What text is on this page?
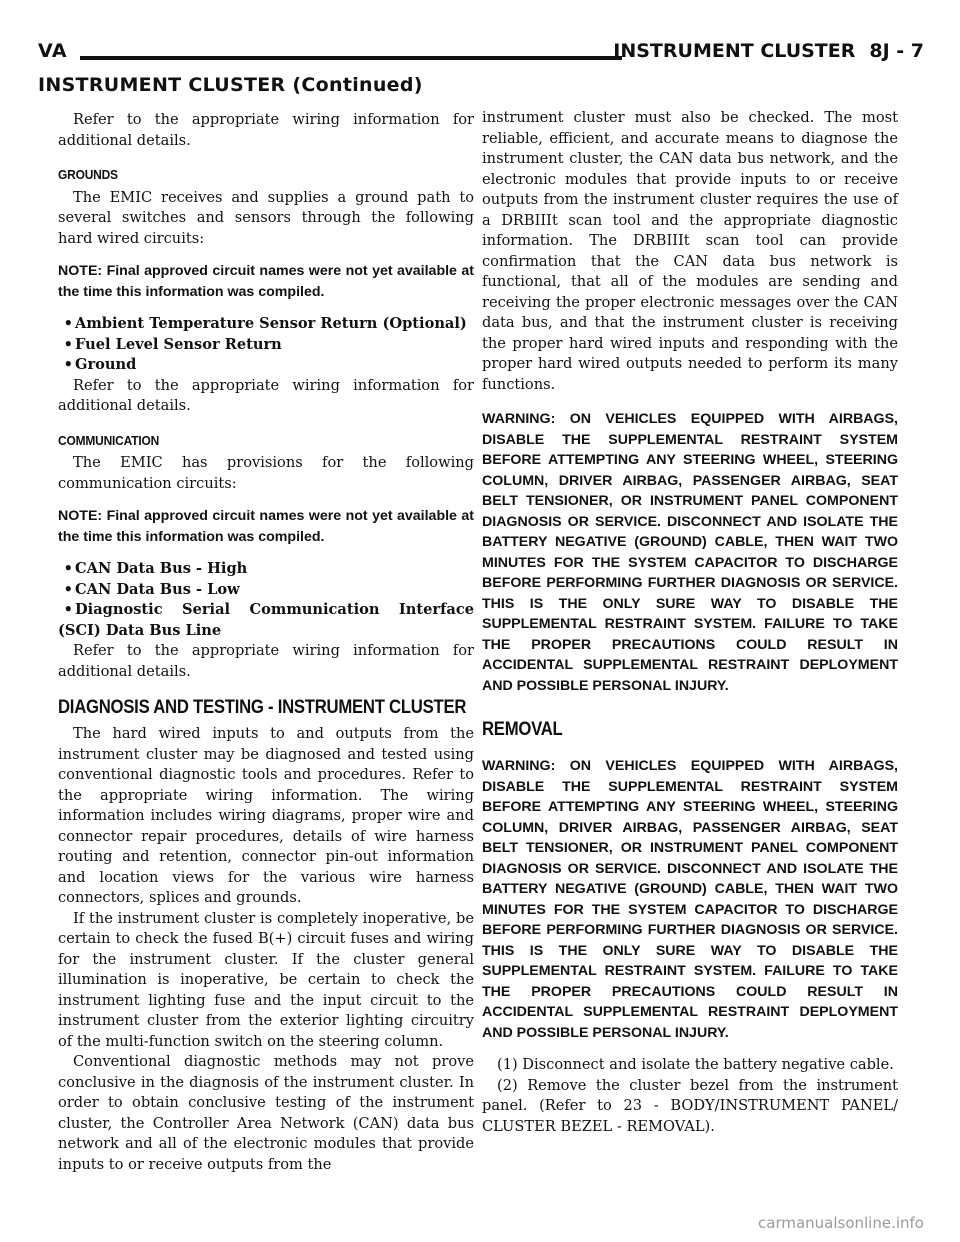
VA	INSTRUMENT CLUSTER 8J - 7
INSTRUMENT CLUSTER (Continued)

Refer to the appropriate wiring information for additional details.

GROUNDS

The EMIC receives and supplies a ground path to several switches and sensors through the following hard wired circuits:

NOTE: Final approved circuit names were not yet available at the time this information was compiled.
• Ambient Temperature Sensor Return (Optional)
• Fuel Level Sensor Return
• Ground

Refer to the appropriate wiring information for additional details.

COMMUNICATION

The EMIC has provisions for the following communication circuits:

NOTE: Final approved circuit names were not yet available at the time this information was compiled.
• CAN Data Bus - High
• CAN Data Bus - Low
• Diagnostic Serial Communication Interface (SCI) Data Bus Line

Refer to the appropriate wiring information for additional details.

DIAGNOSIS AND TESTING - INSTRUMENT CLUSTER

The hard wired inputs to and outputs from the instrument cluster may be diagnosed and tested using conventional diagnostic tools and procedures. Refer to the appropriate wiring information. The wiring information includes wiring diagrams, proper wire and connector repair procedures, details of wire harness routing and retention, connector pin-out information and location views for the various wire harness connectors, splices and grounds.

If the instrument cluster is completely inoperative, be certain to check the fused B(+) circuit fuses and wiring for the instrument cluster. If the cluster general illumination is inoperative, be certain to check the instrument lighting fuse and the input circuit to the instrument cluster from the exterior lighting circuitry of the multi-function switch on the steering column.

Conventional diagnostic methods may not prove conclusive in the diagnosis of the instrument cluster. In order to obtain conclusive testing of the instrument cluster, the Controller Area Network (CAN) data bus network and all of the electronic modules that provide inputs to or receive outputs from the

instrument cluster must also be checked. The most reliable, efficient, and accurate means to diagnose the instrument cluster, the CAN data bus network, and the electronic modules that provide inputs to or receive outputs from the instrument cluster requires the use of a DRBIIIt scan tool and the appropriate diagnostic information. The DRBIIIt scan tool can provide confirmation that the CAN data bus network is functional, that all of the modules are sending and receiving the proper electronic messages over the CAN data bus, and that the instrument cluster is receiving the proper hard wired inputs and responding with the proper hard wired outputs needed to perform its many functions.

WARNING: ON VEHICLES EQUIPPED WITH AIRBAGS, DISABLE THE SUPPLEMENTAL RESTRAINT SYSTEM BEFORE ATTEMPTING ANY STEERING WHEEL, STEERING COLUMN, DRIVER AIRBAG, PASSENGER AIRBAG, SEAT BELT TENSIONER, OR INSTRUMENT PANEL COMPONENT DIAGNOSIS OR SERVICE. DISCONNECT AND ISOLATE THE BATTERY NEGATIVE (GROUND) CABLE, THEN WAIT TWO MINUTES FOR THE SYSTEM CAPACITOR TO DISCHARGE BEFORE PERFORMING FURTHER DIAGNOSIS OR SERVICE. THIS IS THE ONLY SURE WAY TO DISABLE THE SUPPLEMENTAL RESTRAINT SYSTEM. FAILURE TO TAKE THE PROPER PRECAUTIONS COULD RESULT IN ACCIDENTAL SUPPLEMENTAL RESTRAINT DEPLOYMENT AND POSSIBLE PERSONAL INJURY.
REMOVAL
WARNING: ON VEHICLES EQUIPPED WITH AIRBAGS, DISABLE THE SUPPLEMENTAL RESTRAINT SYSTEM BEFORE ATTEMPTING ANY STEERING WHEEL, STEERING COLUMN, DRIVER AIRBAG, PASSENGER AIRBAG, SEAT BELT TENSIONER, OR INSTRUMENT PANEL COMPONENT DIAGNOSIS OR SERVICE. DISCONNECT AND ISOLATE THE BATTERY NEGATIVE (GROUND) CABLE, THEN WAIT TWO MINUTES FOR THE SYSTEM CAPACITOR TO DISCHARGE BEFORE PERFORMING FURTHER DIAGNOSIS OR SERVICE. THIS IS THE ONLY SURE WAY TO DISABLE THE SUPPLEMENTAL RESTRAINT SYSTEM. FAILURE TO TAKE THE PROPER PRECAUTIONS COULD RESULT IN ACCIDENTAL SUPPLEMENTAL RESTRAINT DEPLOYMENT AND POSSIBLE PERSONAL INJURY.

(1) Disconnect and isolate the battery negative cable.

(2) Remove the cluster bezel from the instrument panel. (Refer to 23 - BODY/INSTRUMENT PANEL/ CLUSTER BEZEL - REMOVAL).

carmanualsonline.info
